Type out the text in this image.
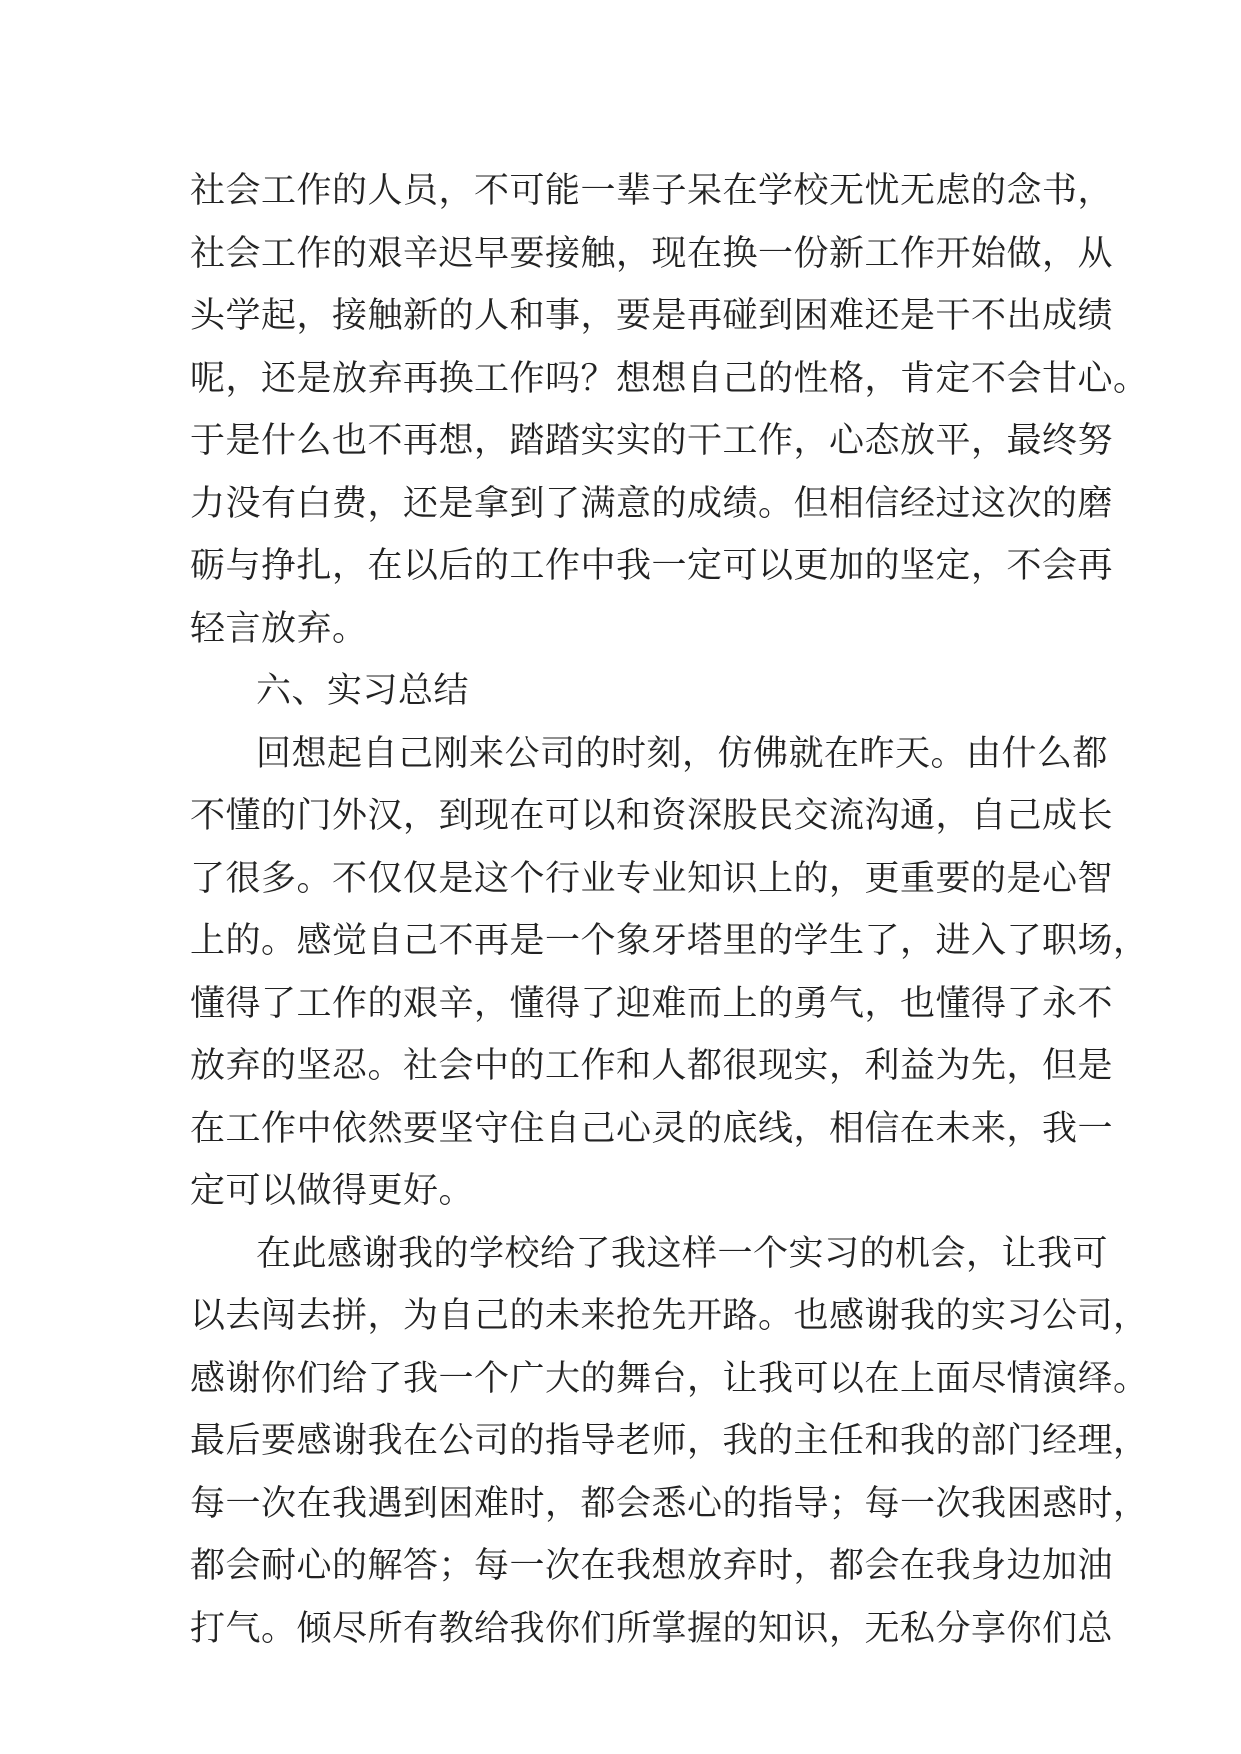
社会工作的人员，不可能一辈子呆在学校无忧无虑的念书，
社会工作的艰辛迟早要接触，现在换一份新工作开始做，从
头学起，接触新的人和事，要是再碰到困难还是干不出成绩
呢，还是放弃再换工作吗？想想自己的性格，肯定不会甘心。
于是什么也不再想，踏踏实实的干工作，心态放平，最终努
力没有白费，还是拿到了满意的成绩。但相信经过这次的磨
砺与挣扎，在以后的工作中我一定可以更加的坚定，不会再
轻言放弃。
六、实习总结
回想起自己刚来公司的时刻，仿佛就在昨天。由什么都
不懂的门外汉，到现在可以和资深股民交流沟通，自己成长
了很多。不仅仅是这个行业专业知识上的，更重要的是心智
上的。感觉自己不再是一个象牙塔里的学生了，进入了职场，
懂得了工作的艰辛，懂得了迎难而上的勇气，也懂得了永不
放弃的坚忍。社会中的工作和人都很现实，利益为先，但是
在工作中依然要坚守住自己心灵的底线，相信在未来，我一
定可以做得更好。
在此感谢我的学校给了我这样一个实习的机会，让我可
以去闯去拼，为自己的未来抢先开路。也感谢我的实习公司，
感谢你们给了我一个广大的舞台，让我可以在上面尽情演绎。
最后要感谢我在公司的指导老师，我的主任和我的部门经理，
每一次在我遇到困难时，都会悉心的指导；每一次我困惑时，
都会耐心的解答；每一次在我想放弃时，都会在我身边加油
打气。倾尽所有教给我你们所掌握的知识，无私分享你们总
